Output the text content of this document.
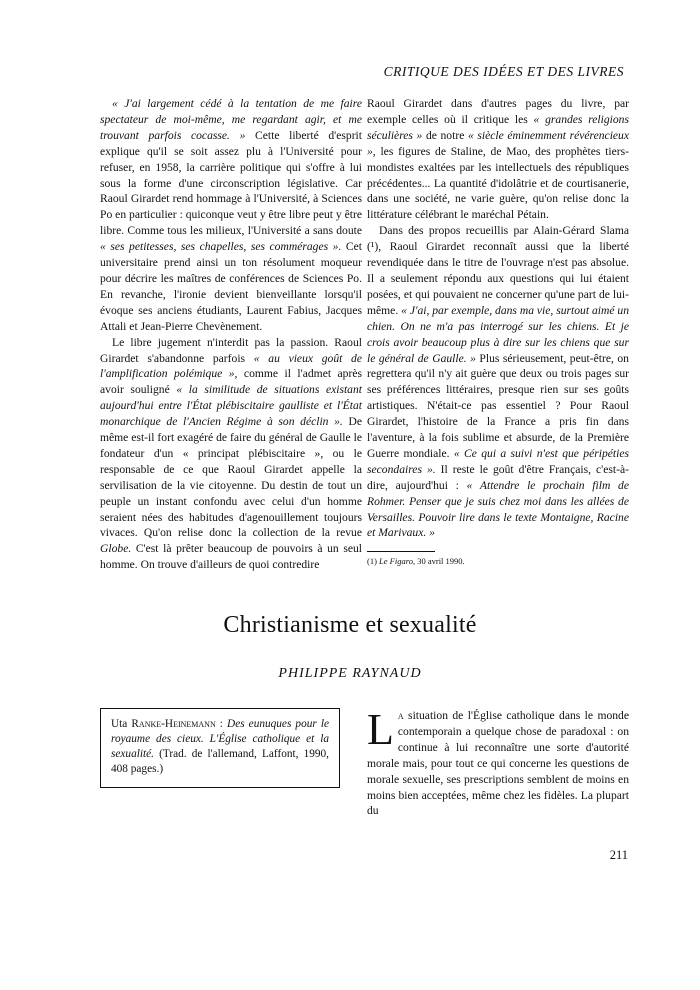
CRITIQUE DES IDÉES ET DES LIVRES

« J'ai largement cédé à la tentation de me faire spectateur de moi-même, me regardant agir, et me trouvant parfois cocasse. » Cette liberté d'esprit explique qu'il se soit assez plu à l'Université pour refuser, en 1958, la carrière politique qui s'offre à lui sous la forme d'une circonscription législative. Car Raoul Girardet rend hommage à l'Université, à Sciences Po en particulier : quiconque veut y être libre peut y être libre. Comme tous les milieux, l'Université a sans doute « ses petitesses, ses chapelles, ses commérages ». Cet universitaire prend ainsi un ton résolument moqueur pour décrire les maîtres de conférences de Sciences Po. En revanche, l'ironie devient bienveillante lorsqu'il évoque ses anciens étudiants, Laurent Fabius, Jacques Attali et Jean-Pierre Chevènement.

Le libre jugement n'interdit pas la passion. Raoul Girardet s'abandonne parfois « au vieux goût de l'amplification polémique », comme il l'admet après avoir souligné « la similitude de situations existant aujourd'hui entre l'État plébiscitaire gaulliste et l'État monarchique de l'Ancien Régime à son déclin ». De même est-il fort exagéré de faire du général de Gaulle le fondateur d'un « principat plébiscitaire », ou le responsable de ce que Raoul Girardet appelle la servilisation de la vie citoyenne. Du destin de tout un peuple un instant confondu avec celui d'un homme seraient nées des habitudes d'agenouillement toujours vivaces. Qu'on relise donc la collection de la revue Globe. C'est là prêter beaucoup de pouvoirs à un seul homme. On trouve d'ailleurs de quoi contredire

Raoul Girardet dans d'autres pages du livre, par exemple celles où il critique les « grandes religions séculières » de notre « siècle éminemment révérencieux », les figures de Staline, de Mao, des prophètes tiers-mondistes exaltées par les intellectuels des républiques précédentes... La quantité d'idolâtrie et de courtisanerie, dans une société, ne varie guère, qu'on relise donc la littérature célébrant le maréchal Pétain.

Dans des propos recueillis par Alain-Gérard Slama (¹), Raoul Girardet reconnaît aussi que la liberté revendiquée dans le titre de l'ouvrage n'est pas absolue. Il a seulement répondu aux questions qui lui étaient posées, et qui pouvaient ne concerner qu'une part de lui-même. « J'ai, par exemple, dans ma vie, surtout aimé un chien. On ne m'a pas interrogé sur les chiens. Et je crois avoir beaucoup plus à dire sur les chiens que sur le général de Gaulle. » Plus sérieusement, peut-être, on regrettera qu'il n'y ait guère que deux ou trois pages sur ses préférences littéraires, presque rien sur ses goûts artistiques. N'était-ce pas essentiel ? Pour Raoul Girardet, l'histoire de la France a pris fin dans l'aventure, à la fois sublime et absurde, de la Première Guerre mondiale. « Ce qui a suivi n'est que péripéties secondaires ». Il reste le goût d'être Français, c'est-à-dire, aujourd'hui : « Attendre le prochain film de Rohmer. Penser que je suis chez moi dans les allées de Versailles. Pouvoir lire dans le texte Montaigne, Racine et Marivaux. »

(1) Le Figaro, 30 avril 1990.
Christianisme et sexualité
PHILIPPE RAYNAUD
Uta Ranke-Heinemann : Des eunuques pour le royaume des cieux. L'Église catholique et la sexualité. (Trad. de l'allemand, Laffont, 1990, 408 pages.)
La situation de l'Église catholique dans le monde contemporain a quelque chose de paradoxal : on continue à lui reconnaître une sorte d'autorité morale mais, pour tout ce qui concerne les questions de morale sexuelle, ses prescriptions semblent de moins en moins bien acceptées, même chez les fidèles. La plupart du
211
